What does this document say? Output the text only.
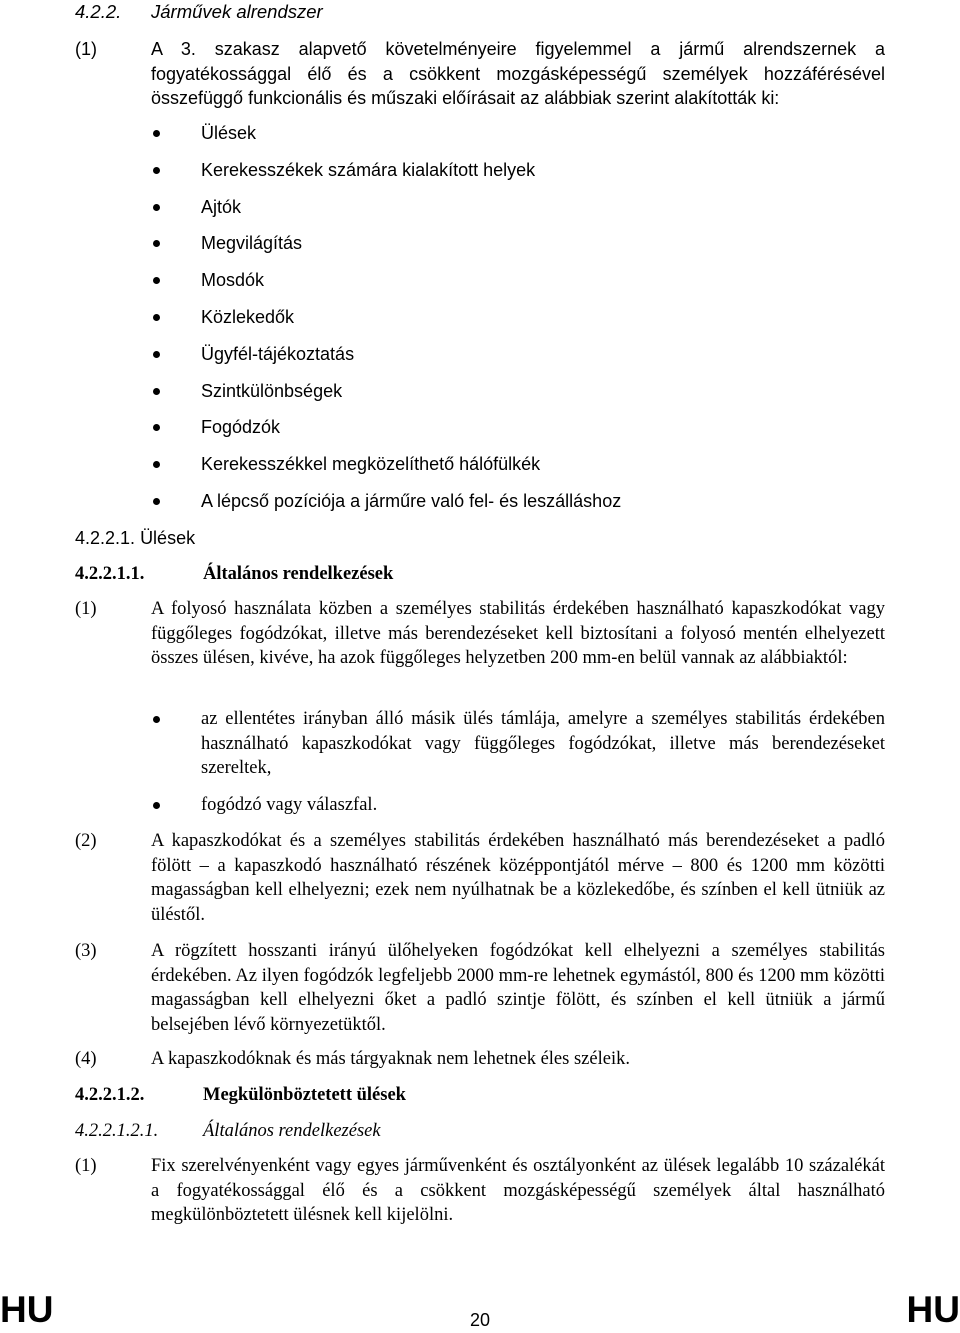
4.2.2. Járművek alrendszer
(1)	A 3. szakasz alapvető követelményeire figyelemmel a jármű alrendszernek a fogyatékossággal élő és a csökkent mozgásképességű személyek hozzáférésével összefüggő funkcionális és műszaki előírásait az alábbiak szerint alakították ki:
Ülések
Kerekesszékek számára kialakított helyek
Ajtók
Megvilágítás
Mosdók
Közlekedők
Ügyfél-tájékoztatás
Szintkülönbségek
Fogódzók
Kerekesszékkel megközelíthető hálófülkék
A lépcső pozíciója a járműre való fel- és leszálláshoz
4.2.2.1. Ülések
4.2.2.1.1.	Általános rendelkezések
(1)	A folyosó használata közben a személyes stabilitás érdekében használható kapaszkodókat vagy függőleges fogódzókat, illetve más berendezéseket kell biztosítani a folyosó mentén elhelyezett összes ülésen, kivéve, ha azok függőleges helyzetben 200 mm-en belül vannak az alábbiaktól:
az ellentétes irányban álló másik ülés támlája, amelyre a személyes stabilitás érdekében használható kapaszkodókat vagy függőleges fogódzókat, illetve más berendezéseket szereltek,
fogódzó vagy válaszfal.
(2)	A kapaszkodókat és a személyes stabilitás érdekében használható más berendezéseket a padló fölött – a kapaszkodó használható részének középpontjától mérve – 800 és 1200 mm közötti magasságban kell elhelyezni; ezek nem nyúlhatnak be a közlekedőbe, és színben el kell ütniük az üléstől.
(3)	A rögzített hosszanti irányú ülőhelyeken fogódzókat kell elhelyezni a személyes stabilitás érdekében. Az ilyen fogódzók legfeljebb 2000 mm-re lehetnek egymástól, 800 és 1200 mm közötti magasságban kell elhelyezni őket a padló szintje fölött, és színben el kell ütniük a jármű belsejében lévő környezetüktől.
(4)	A kapaszkodóknak és más tárgyaknak nem lehetnek éles széleik.
4.2.2.1.2.	Megkülönböztetett ülések
4.2.2.1.2.1. Általános rendelkezések
(1)	Fix szerelvényenként vagy egyes járművenként és osztályonként az ülések legalább 10 százalékát a fogyatékossággal élő és a csökkent mozgásképességű személyek által használható megkülönböztetett ülésnek kell kijelölni.
HU	20	HU
